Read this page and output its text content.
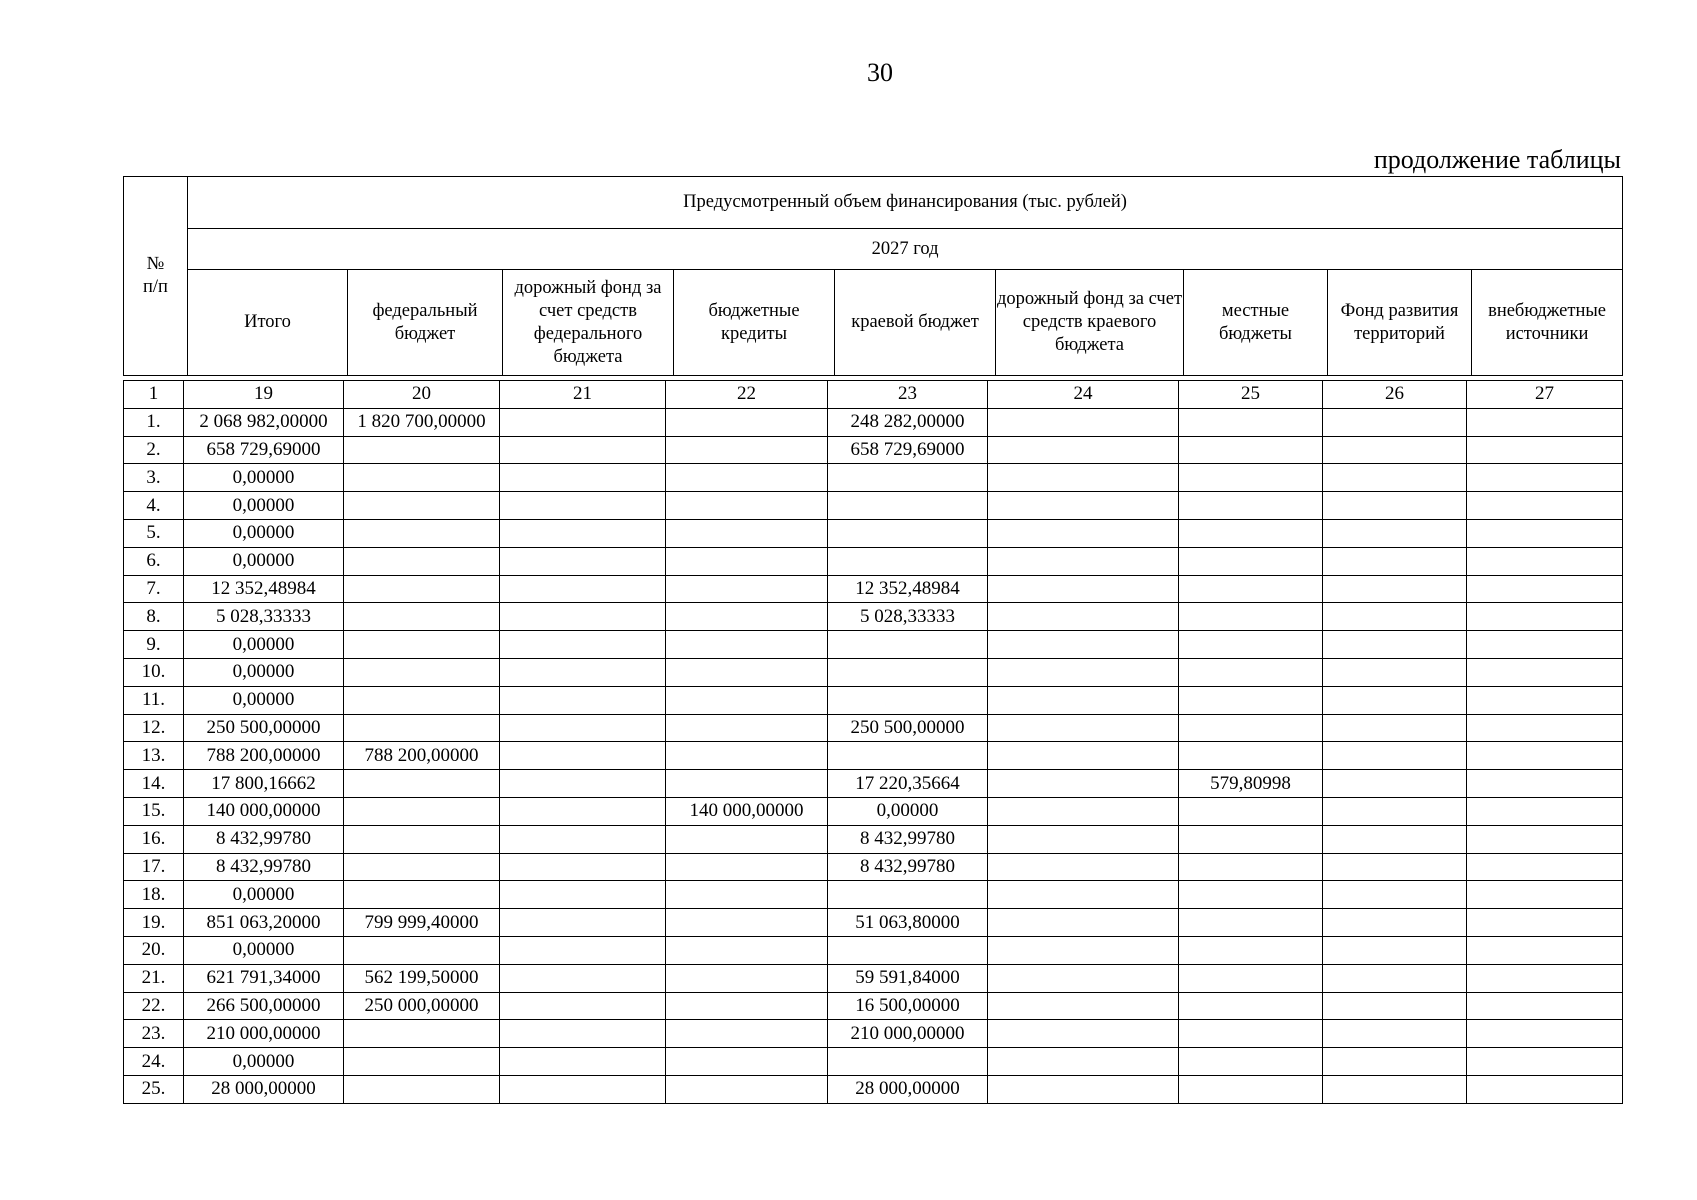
30
продолжение таблицы
№
п/п	Предусмотренный объем финансирования (тыс. рублей)								
	2027 год								
	Итого	федеральный бюджет	дорожный фонд за счет средств федерального бюджета	бюджетные кредиты	краевой бюджет	дорожный фонд за счет средств краевого бюджета	местные бюджеты	Фонд развития территорий	внебюджетные источники
1	19	20	21	22	23	24	25	26	27
1.	2 068 982,00000	1 820 700,00000			248 282,00000				
2.	658 729,69000				658 729,69000				
3.	0,00000								
4.	0,00000								
5.	0,00000								
6.	0,00000								
7.	12 352,48984				12 352,48984				
8.	5 028,33333				5 028,33333				
9.	0,00000								
10.	0,00000								
11.	0,00000								
12.	250 500,00000				250 500,00000				
13.	788 200,00000	788 200,00000							
14.	17 800,16662				17 220,35664		579,80998		
15.	140 000,00000			140 000,00000	0,00000				
16.	8 432,99780				8 432,99780				
17.	8 432,99780				8 432,99780				
18.	0,00000								
19.	851 063,20000	799 999,40000			51 063,80000				
20.	0,00000								
21.	621 791,34000	562 199,50000			59 591,84000				
22.	266 500,00000	250 000,00000			16 500,00000				
23.	210 000,00000				210 000,00000				
24.	0,00000								
25.	28 000,00000				28 000,00000				
